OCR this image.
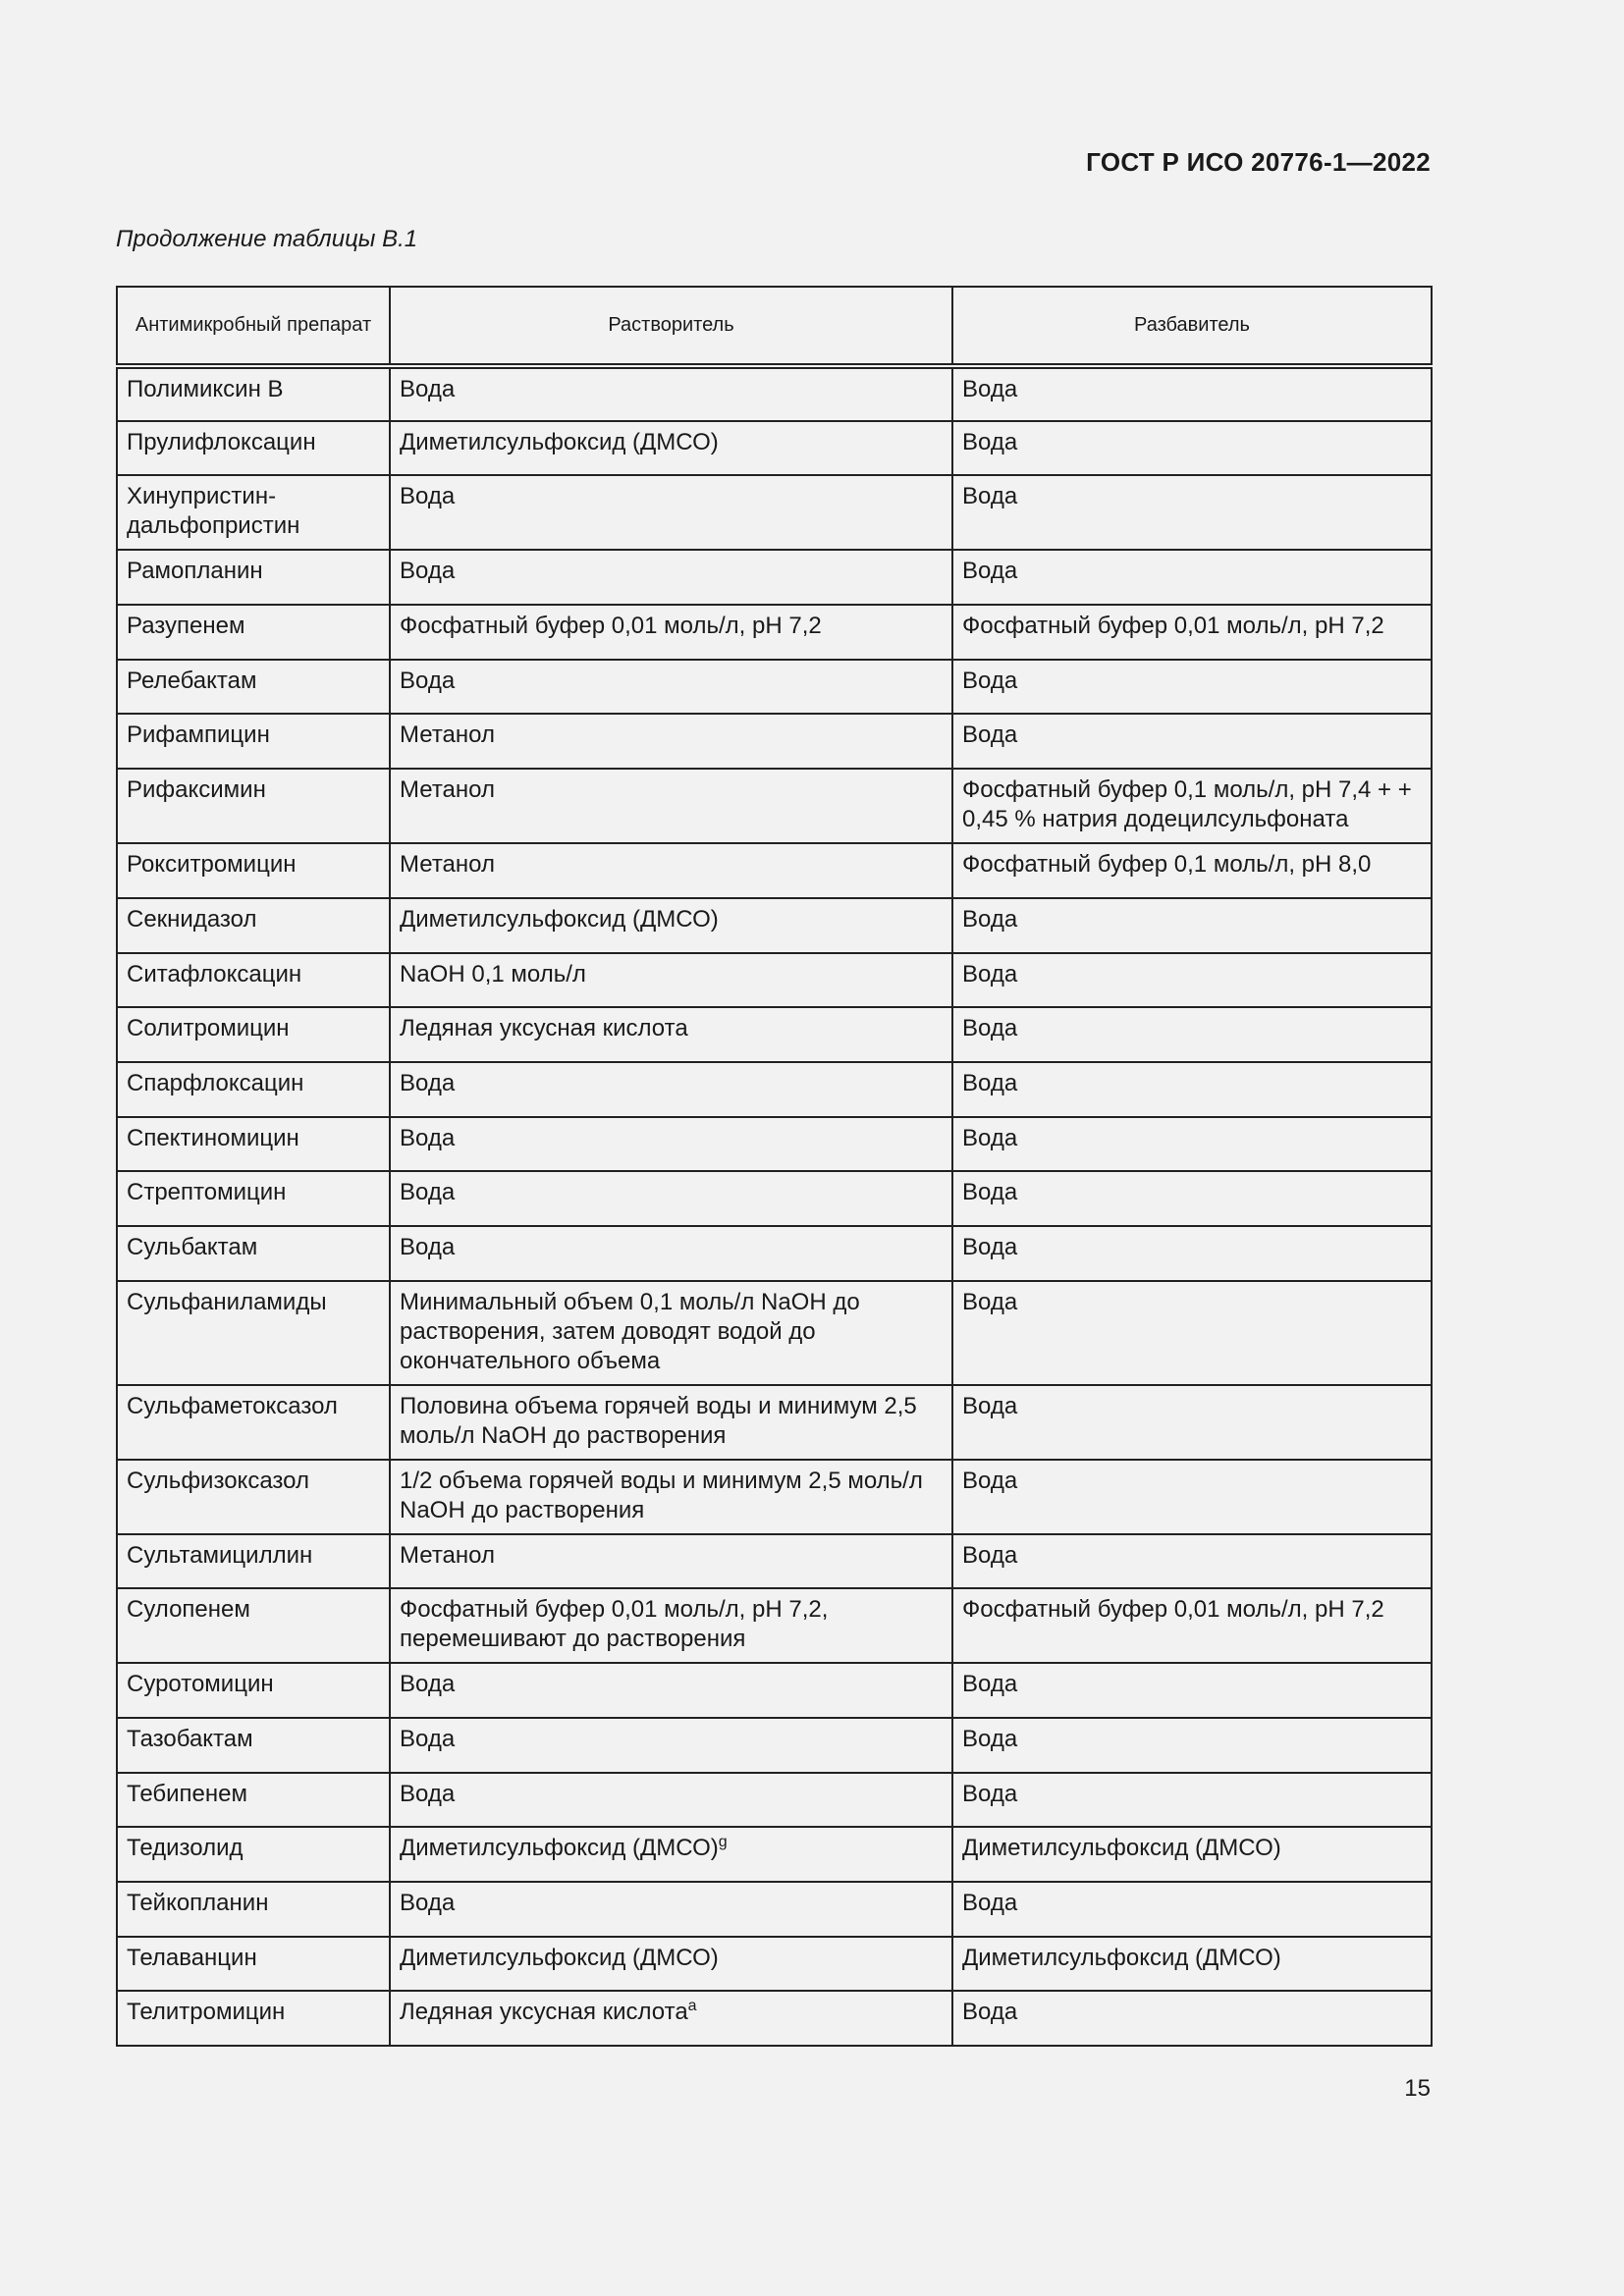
ГОСТ Р ИСО 20776-1—2022
Продолжение таблицы B.1
Антимикробный препарат	Растворитель	Разбавитель
Полимиксин B	Вода	Вода
Прулифлоксацин	Диметилсульфоксид (ДМСО)	Вода
Хинупристин-дальфопристин	Вода	Вода
Рамопланин	Вода	Вода
Разупенем	Фосфатный буфер 0,01 моль/л, pH 7,2	Фосфатный буфер 0,01 моль/л, pH 7,2
Релебактам	Вода	Вода
Рифампицин	Метанол	Вода
Рифаксимин	Метанол	Фосфатный буфер 0,1 моль/л, pH 7,4 + + 0,45 % натрия додецилсульфоната
Рокситромицин	Метанол	Фосфатный буфер 0,1 моль/л, pH 8,0
Секнидазол	Диметилсульфоксид (ДМСО)	Вода
Ситафлоксацин	NaOH 0,1 моль/л	Вода
Солитромицин	Ледяная уксусная кислота	Вода
Спарфлоксацин	Вода	Вода
Спектиномицин	Вода	Вода
Стрептомицин	Вода	Вода
Сульбактам	Вода	Вода
Сульфаниламиды	Минимальный объем 0,1 моль/л NaOH до растворения, затем доводят водой до окончательного объема	Вода
Сульфаметоксазол	Половина объема горячей воды и минимум 2,5 моль/л NaOH до растворения	Вода
Сульфизоксазол	1/2 объема горячей воды и минимум 2,5 моль/л NaOH до растворения	Вода
Сультамициллин	Метанол	Вода
Сулопенем	Фосфатный буфер 0,01 моль/л, pH 7,2, перемешивают до растворения	Фосфатный буфер 0,01 моль/л, pH 7,2
Суротомицин	Вода	Вода
Тазобактам	Вода	Вода
Тебипенем	Вода	Вода
Тедизолид	Диметилсульфоксид (ДМСО)$^g$	Диметилсульфоксид (ДМСО)
Тейкопланин	Вода	Вода
Телаванцин	Диметилсульфоксид (ДМСО)	Диметилсульфоксид (ДМСО)
Телитромицин	Ледяная уксусная кислота$^a$	Вода
15
